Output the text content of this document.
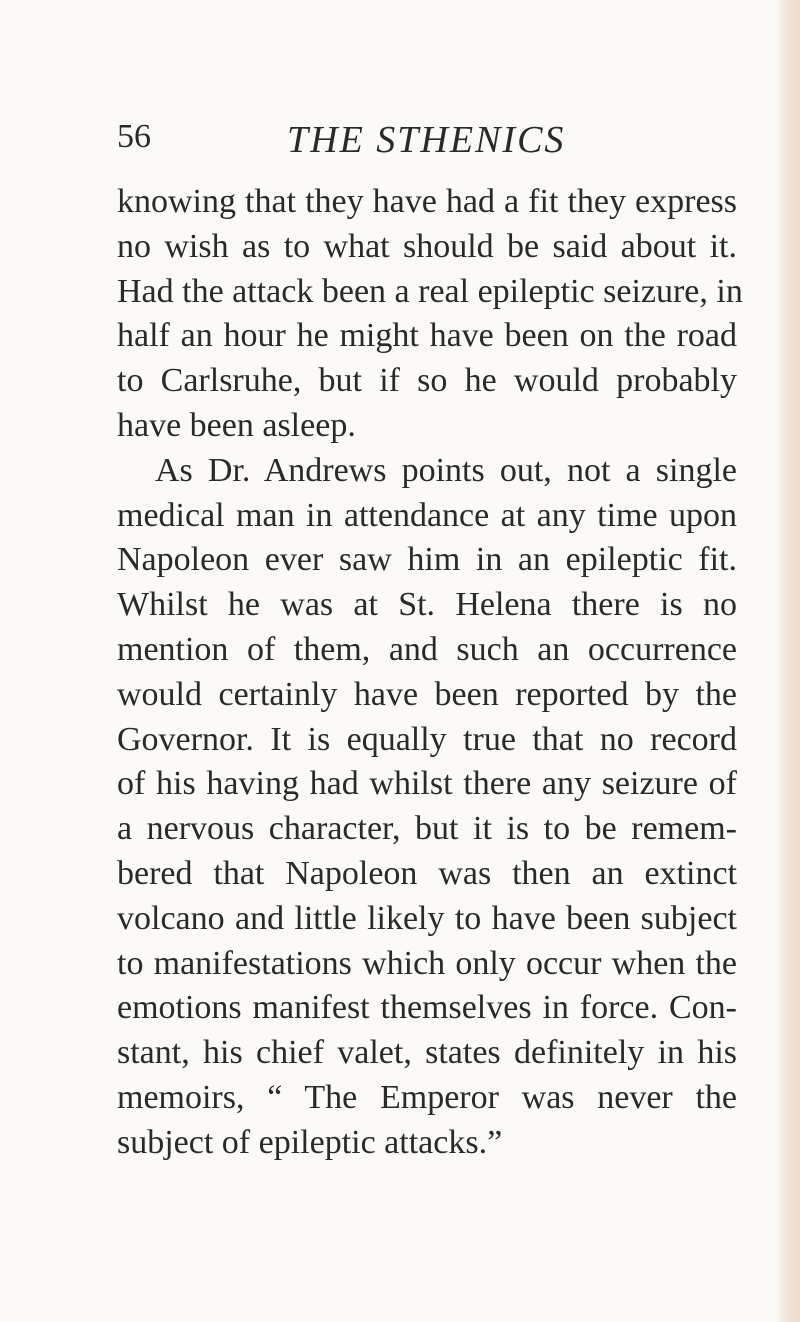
56	THE STHENICS
knowing that they have had a fit they express
no wish as to what should be said about it.
Had the attack been a real epileptic seizure, in
half an hour he might have been on the road
to Carlsruhe, but if so he would probably
have been asleep.
As Dr. Andrews points out, not a single
medical man in attendance at any time upon
Napoleon ever saw him in an epileptic fit.
Whilst he was at St. Helena there is no
mention of them, and such an occurrence
would certainly have been reported by the
Governor. It is equally true that no record
of his having had whilst there any seizure of
a nervous character, but it is to be remem-
bered that Napoleon was then an extinct
volcano and little likely to have been subject
to manifestations which only occur when the
emotions manifest themselves in force. Con-
stant, his chief valet, states definitely in his
memoirs, “ The Emperor was never the
subject of epileptic attacks.”
